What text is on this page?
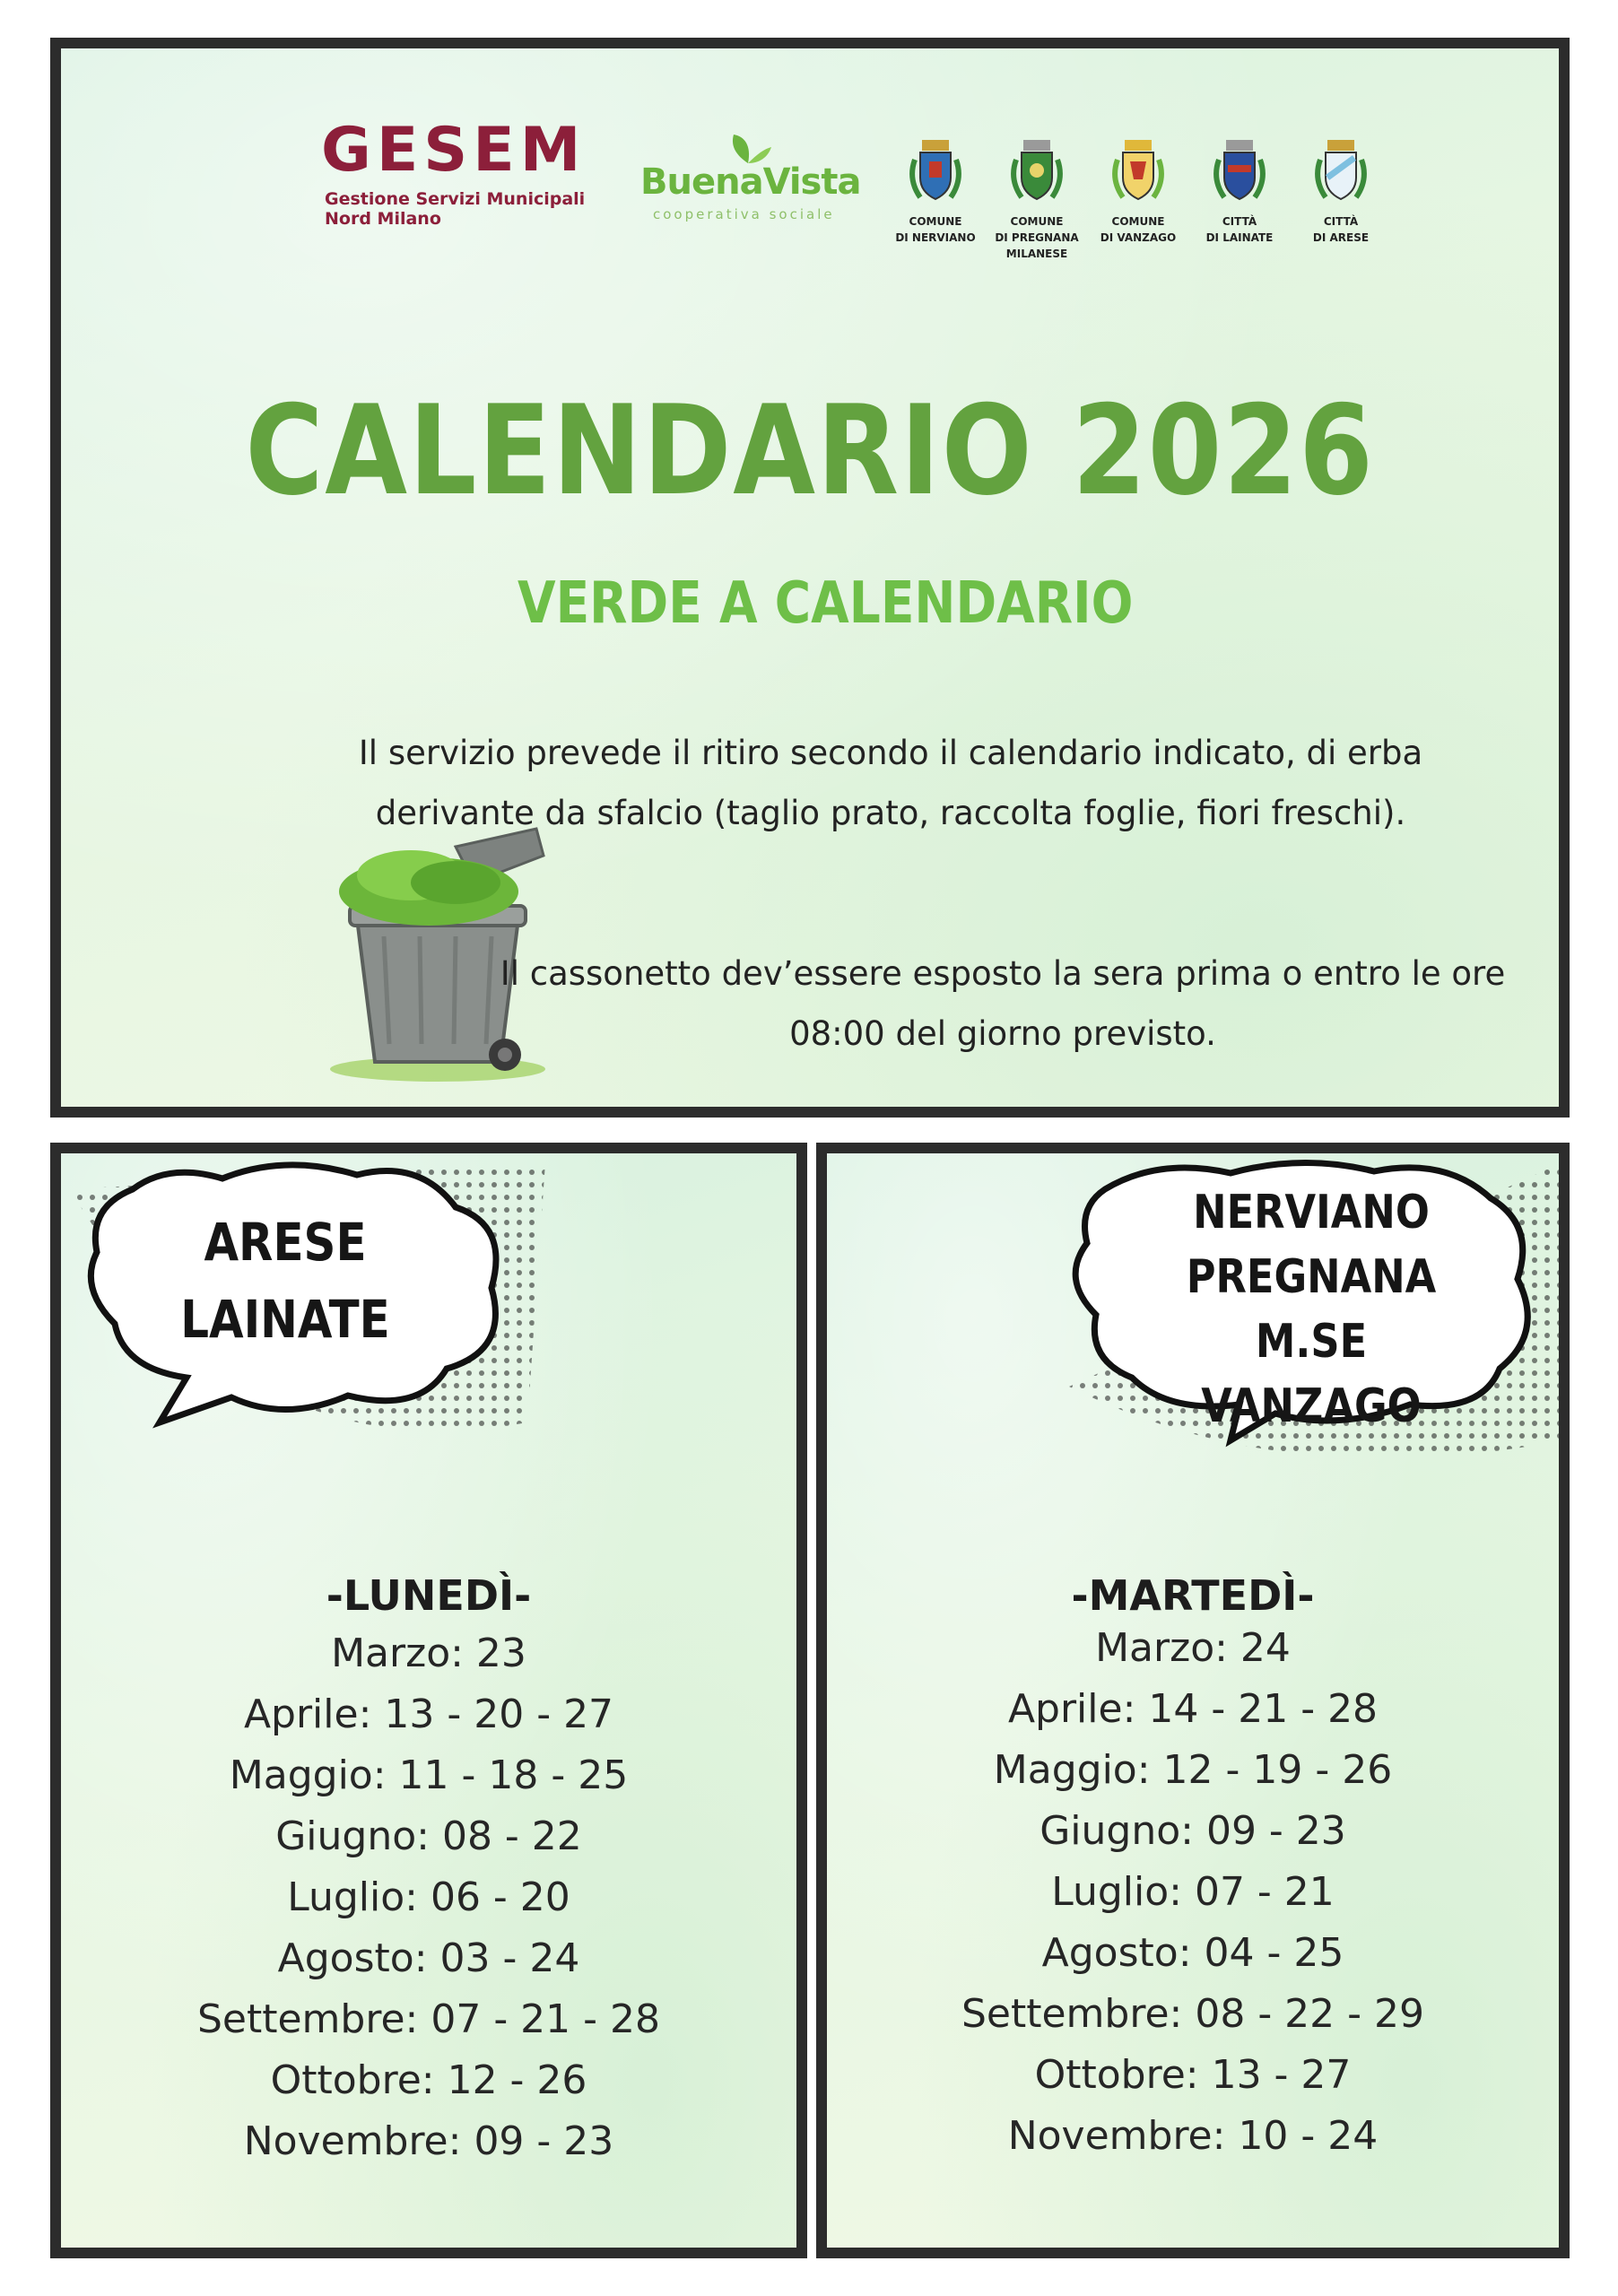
GESEM
Gestione Servizi Municipali
Nord Milano
BuenaVista
cooperativa sociale	COMUNE
DI NERVIANO
COMUNE
DI PREGNANA
MILANESE
COMUNE
DI VANZAGO
CITTÀ
DI LAINATE
CITTÀ
DI ARESE
CALENDARIO 2026
VERDE A CALENDARIO
Il servizio prevede il ritiro secondo il calendario indicato, di erba derivante da sfalcio (taglio prato, raccolta foglie, fiori freschi).
Il cassonetto dev’essere esposto la sera prima o entro le ore 08:00 del giorno previsto.
ARESE
LAINATE
-LUNEDÌ-
Marzo: 23
Aprile: 13 - 20 - 27
Maggio: 11 - 18 - 25
Giugno: 08 - 22
Luglio: 06 - 20
Agosto: 03 - 24
Settembre: 07 - 21 - 28
Ottobre: 12 - 26
Novembre: 09 - 23
NERVIANO
PREGNANA M.SE
VANZAGO
-MARTEDÌ-
Marzo: 24
Aprile: 14 - 21 - 28
Maggio: 12 - 19 - 26
Giugno: 09 - 23
Luglio: 07 - 21
Agosto: 04 - 25
Settembre: 08 - 22 - 29
Ottobre: 13 - 27
Novembre: 10 - 24
